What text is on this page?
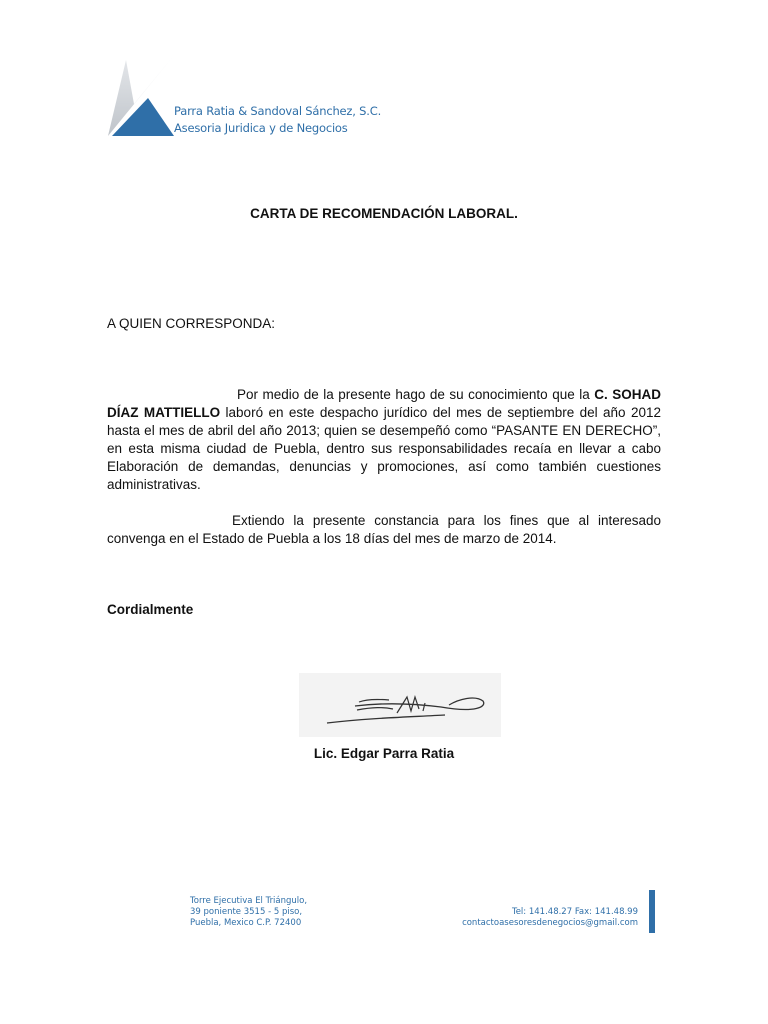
Parra Ratia & Sandoval Sánchez, S.C.
Asesoria Juridica y de Negocios
CARTA DE RECOMENDACIÓN LABORAL.
A QUIEN CORRESPONDA:
Por medio de la presente hago de su conocimiento que la C. SOHAD DÍAZ MATTIELLO laboró en este despacho jurídico del mes de septiembre del año 2012 hasta el mes de abril del año 2013; quien se desempeñó como “PASANTE EN DERECHO”, en esta misma ciudad de Puebla, dentro sus responsabilidades recaía en llevar a cabo Elaboración de demandas, denuncias y promociones, así como también cuestiones administrativas.
Extiendo la presente constancia para los fines que al interesado convenga en el Estado de Puebla a los 18 días del mes de marzo de 2014.
Cordialmente
Lic. Edgar Parra Ratia
Torre Ejecutiva El Triángulo,
39 poniente 3515 - 5 piso,
Puebla, Mexico C.P. 72400
Tel: 141.48.27 Fax: 141.48.99
contactoasesoresdenegocios@gmail.com
